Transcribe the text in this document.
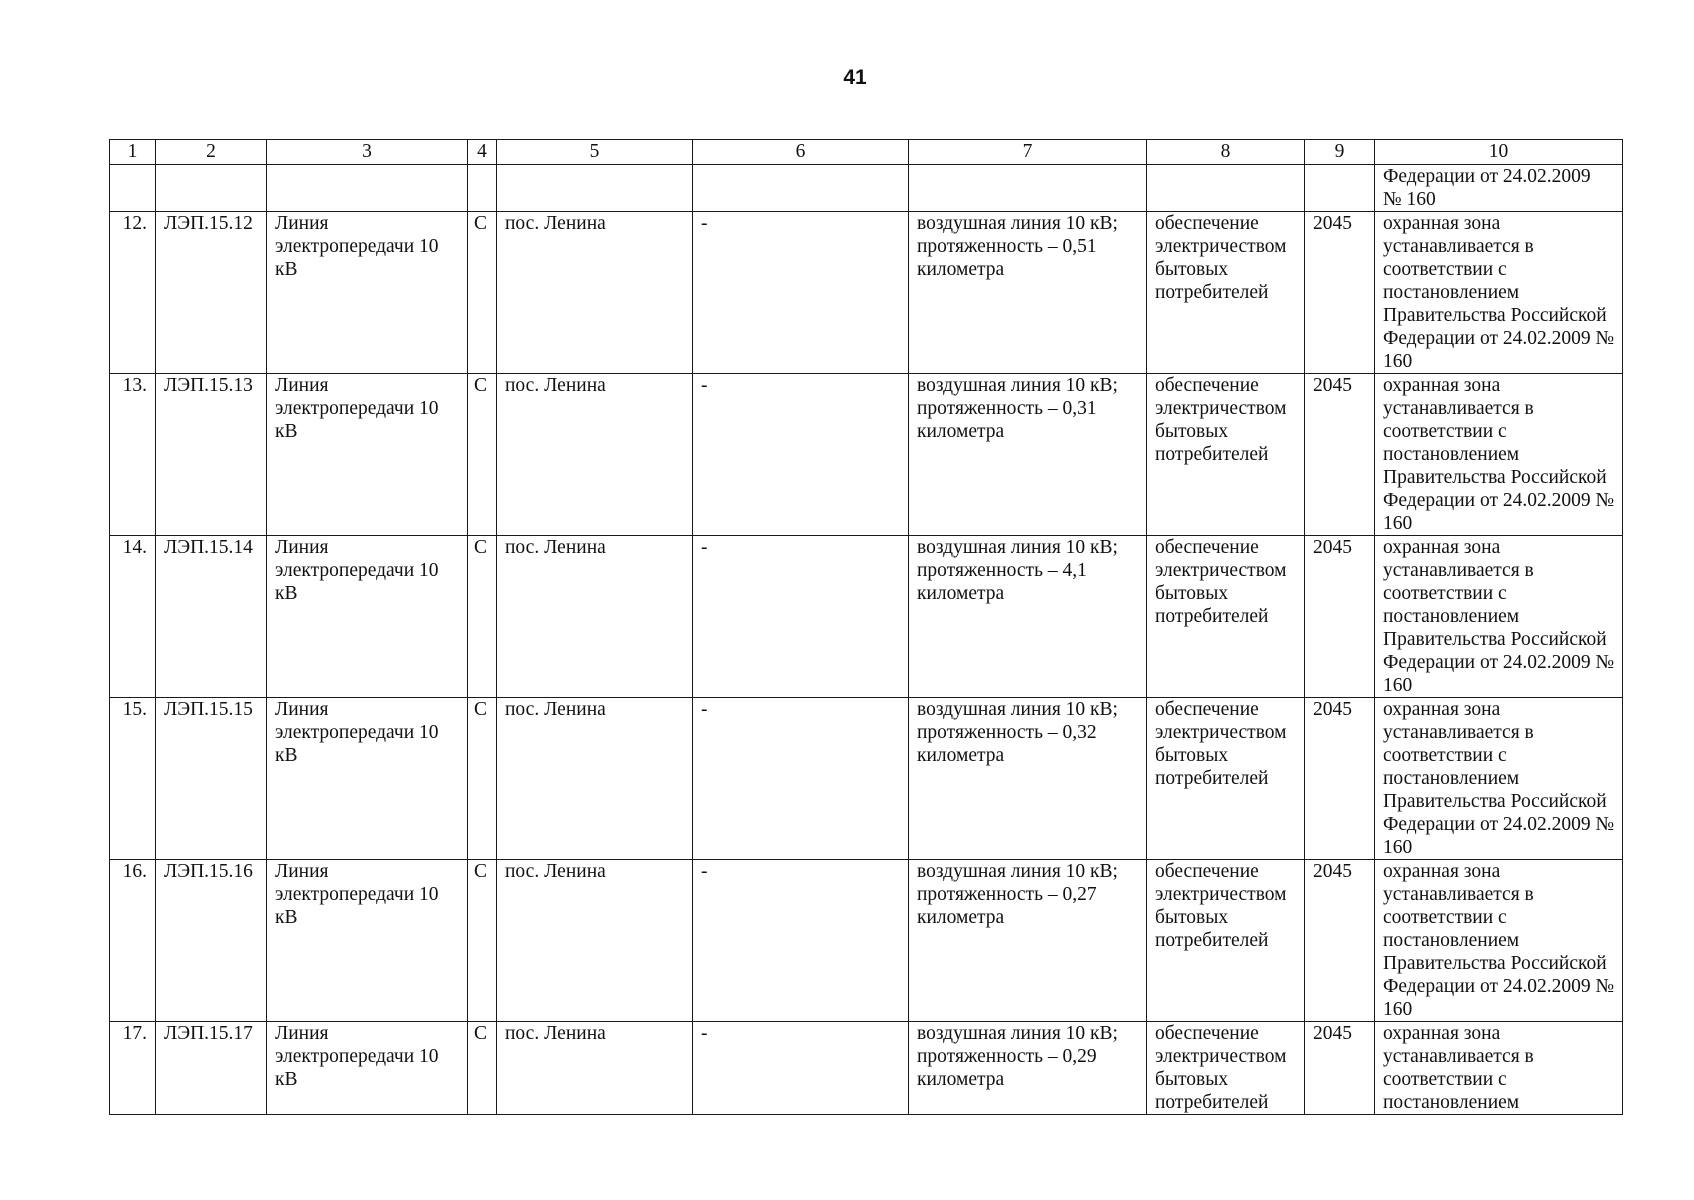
41
1	2	3	4	5	6	7	8	9	10
									Федерации от 24.02.2009
№ 160
12.	ЛЭП.15.12	Линия электропередачи 10 кВ	С	пос. Ленина	-	воздушная линия 10 кВ; протяженность – 0,51 километра	обеспечение электричеством бытовых потребителей	2045	охранная зона устанавливается в соответствии с постановлением Правительства Российской Федерации от 24.02.2009 № 160
13.	ЛЭП.15.13	Линия электропередачи 10 кВ	С	пос. Ленина	-	воздушная линия 10 кВ; протяженность – 0,31 километра	обеспечение электричеством бытовых потребителей	2045	охранная зона устанавливается в соответствии с постановлением Правительства Российской Федерации от 24.02.2009 № 160
14.	ЛЭП.15.14	Линия электропередачи 10 кВ	С	пос. Ленина	-	воздушная линия 10 кВ; протяженность – 4,1 километра	обеспечение электричеством бытовых потребителей	2045	охранная зона устанавливается в соответствии с постановлением Правительства Российской Федерации от 24.02.2009 № 160
15.	ЛЭП.15.15	Линия электропередачи 10 кВ	С	пос. Ленина	-	воздушная линия 10 кВ; протяженность – 0,32 километра	обеспечение электричеством бытовых потребителей	2045	охранная зона устанавливается в соответствии с постановлением Правительства Российской Федерации от 24.02.2009 № 160
16.	ЛЭП.15.16	Линия электропередачи 10 кВ	С	пос. Ленина	-	воздушная линия 10 кВ; протяженность – 0,27 километра	обеспечение электричеством бытовых потребителей	2045	охранная зона устанавливается в соответствии с постановлением Правительства Российской Федерации от 24.02.2009 № 160
17.	ЛЭП.15.17	Линия электропередачи 10 кВ	С	пос. Ленина	-	воздушная линия 10 кВ; протяженность – 0,29 километра	обеспечение электричеством бытовых потребителей	2045	охранная зона устанавливается в соответствии с постановлением
